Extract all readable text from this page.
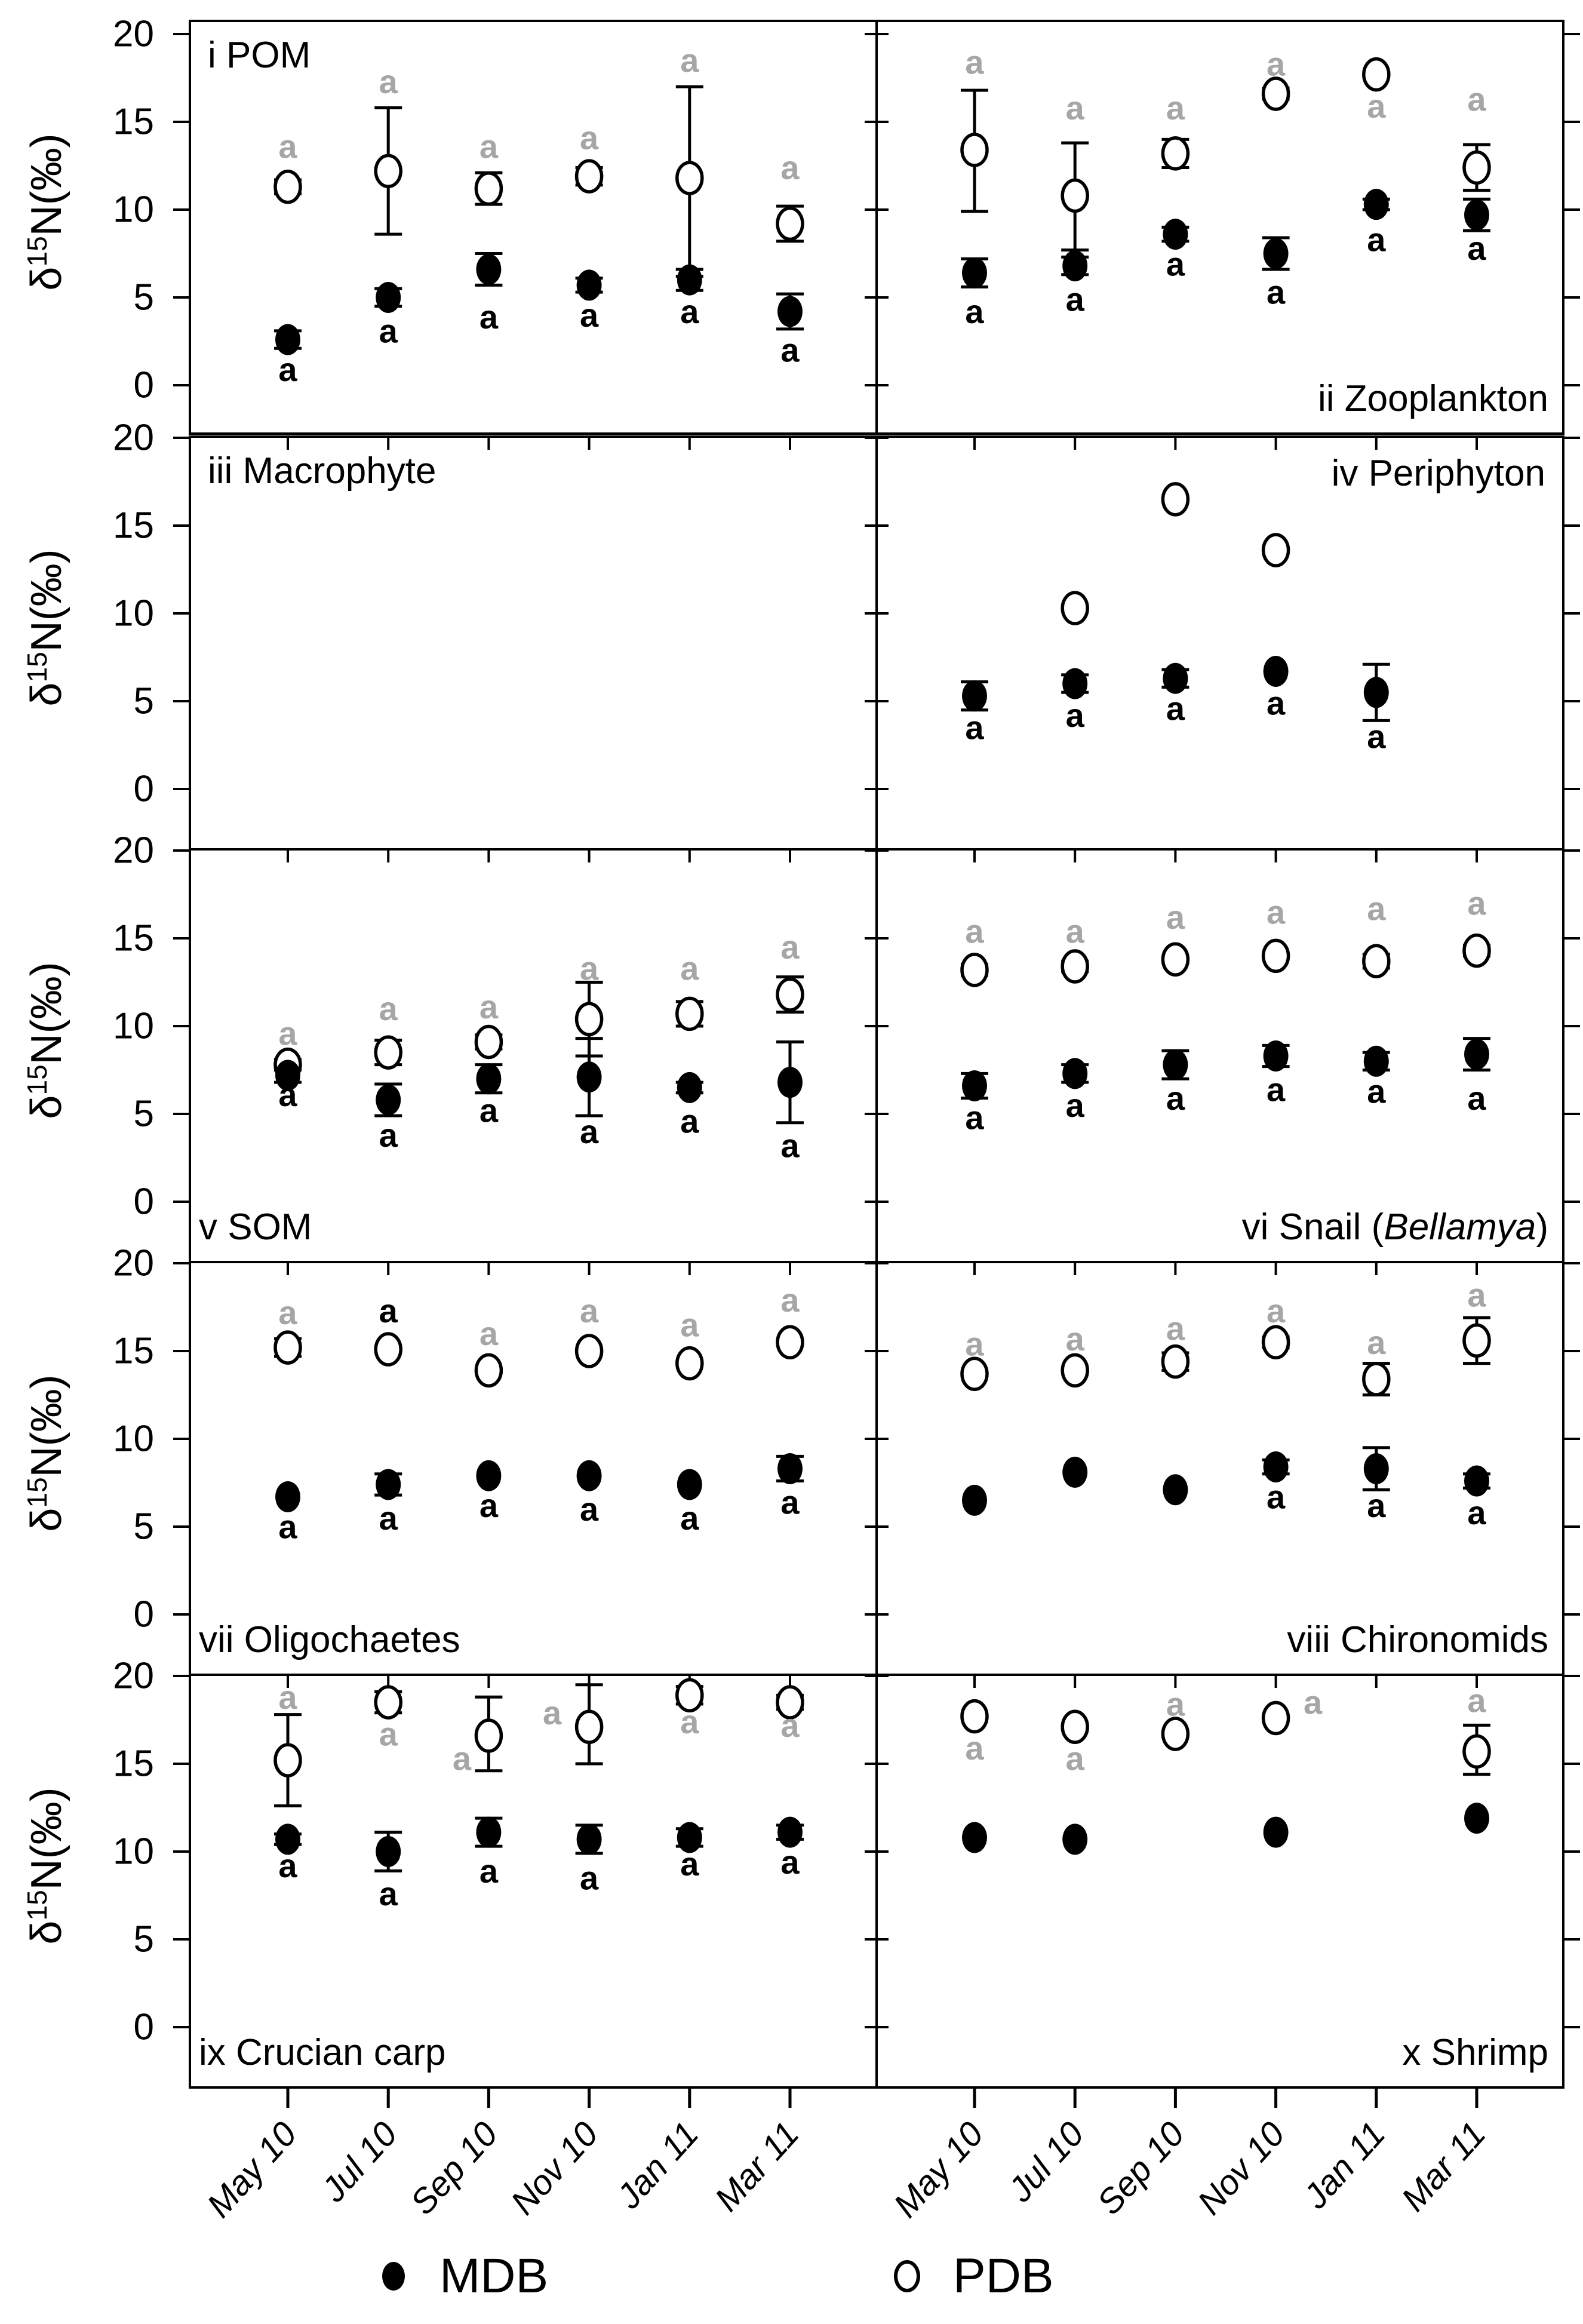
20
15
10
5
0
$\delta^{15}N(‰)$
20
15
10
5
0
$\delta^{15}N(‰)$
20
15
10
5
0
$\delta^{15}N(‰)$
20
15
10
5
0
$\delta^{15}N(‰)$
20
15
10
5
0
$\delta^{15}N(‰)$
May 10 Jul 10
Sep 10
Nov 10 Jan 11 Mar 11 May 10 Jul 10
Sep 10
Nov 10 Jan 11 Mar 11
i POM
a
a
a a
a
a
a
a a a a
a
ii Zooplankton
a
a a
a
a a
a a
a
a
a a
iii Macrophyte	iv Periphyton
a a a a
a
v SOM
a
a a
a a
a
a
a
a
a a
a
vi Snail (Bellamya)
a a a a a a
a a a a a a
vii Oligochaetes
a a
a
a a
a
a a a a a a
viii Chironomids
a a a a
a
a
a a a
ix Crucian carp
a
a
a
a	a a
a
a
a a a a
x Shrimp
a a
a	a	a
MDB	PDB
